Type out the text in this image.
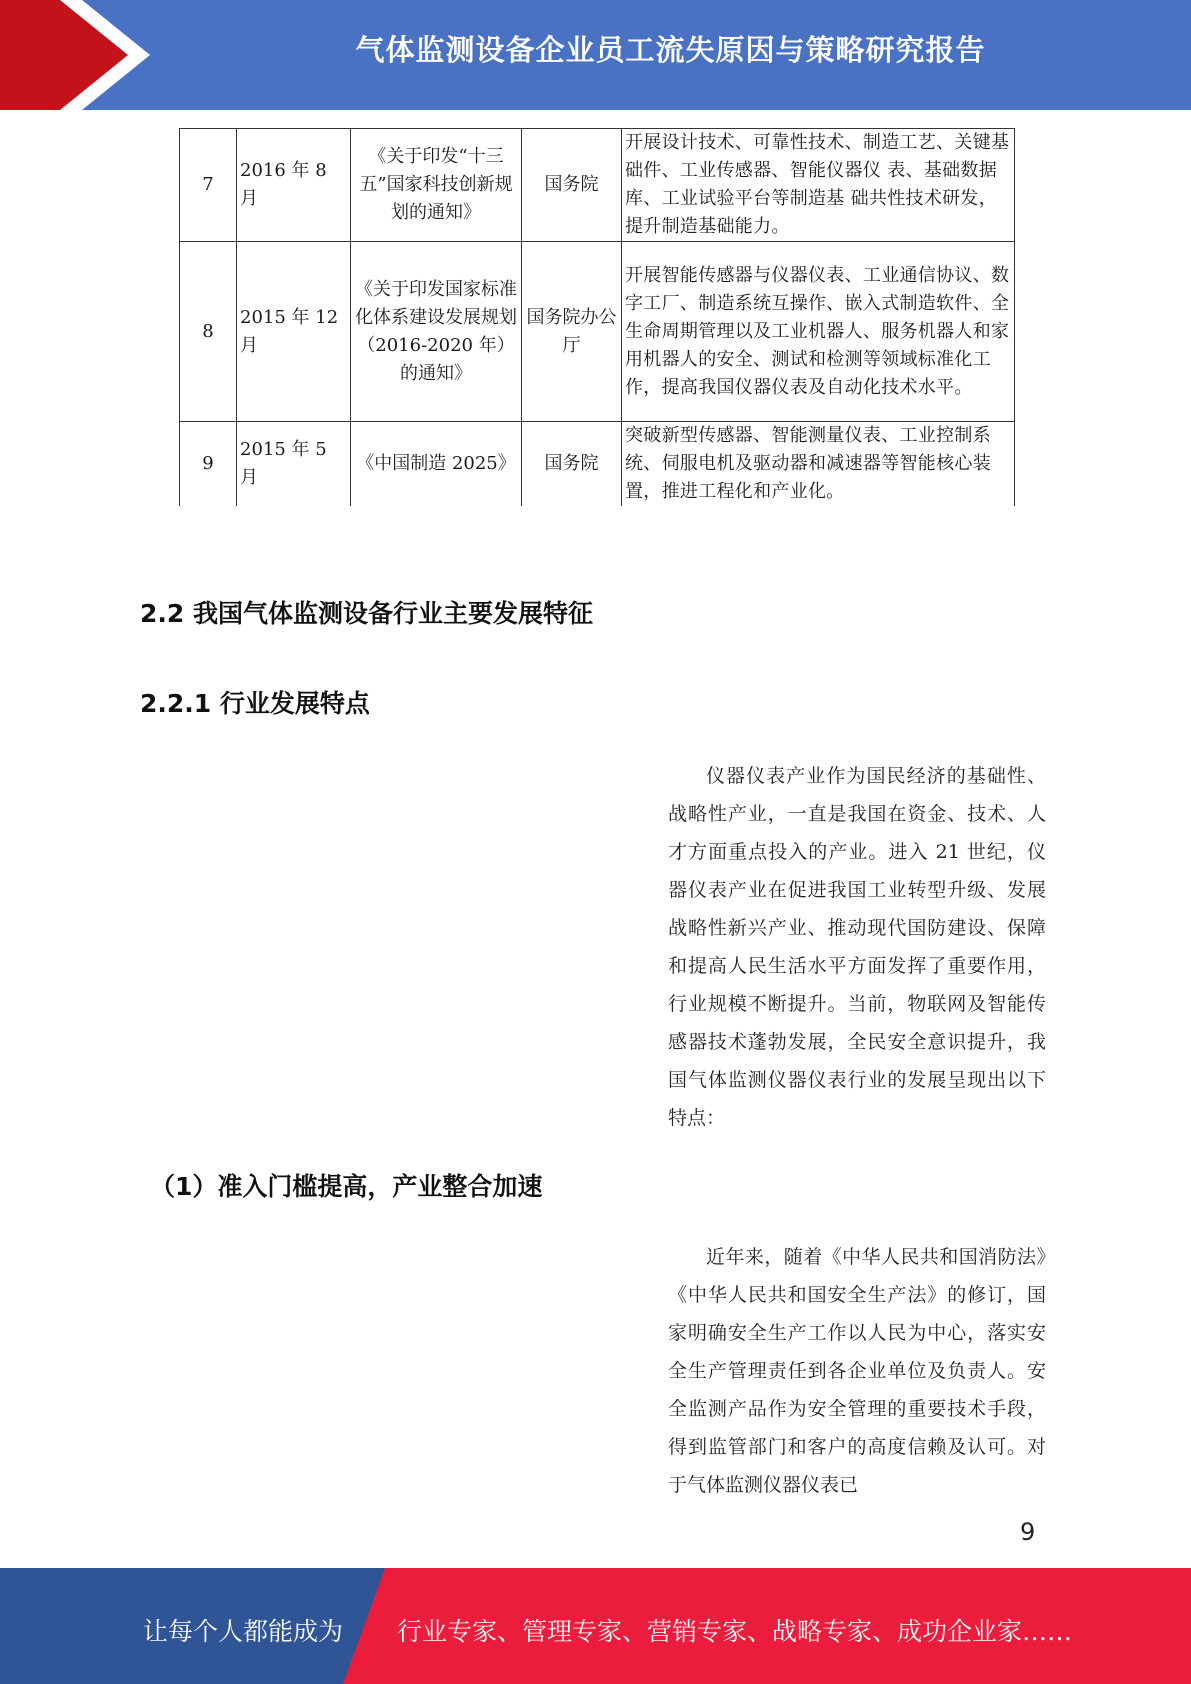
气体监测设备企业员工流失原因与策略研究报告
7	2016 年 8 月	《关于印发“十三五”国家科技创新规划的通知》	国务院	开展设计技术、可靠性技术、制造工艺、关键基础件、工业传感器、智能仪器仪 表、基础数据库、工业试验平台等制造基 础共性技术研发，提升制造基础能力。
8	2015 年 12 月	《关于印发国家标准化体系建设发展规划（2016-2020 年）的通知》	国务院办公厅	开展智能传感器与仪器仪表、工业通信协议、数字工厂、制造系统互操作、嵌入式制造软件、全生命周期管理以及工业机器人、服务机器人和家用机器人的安全、测试和检测等领域标准化工作，提高我国仪器仪表及自动化技术水平。
9	2015 年 5 月	《中国制造 2025》	国务院	突破新型传感器、智能测量仪表、工业控制系统、伺服电机及驱动器和减速器等智能核心装置，推进工程化和产业化。
2.2 我国气体监测设备行业主要发展特征
2.2.1 行业发展特点
仪器仪表产业作为国民经济的基础性、战略性产业，一直是我国在资金、技术、人才方面重点投入的产业。进入 21 世纪，仪器仪表产业在促进我国工业转型升级、发展战略性新兴产业、推动现代国防建设、保障和提高人民生活水平方面发挥了重要作用，行业规模不断提升。当前，物联网及智能传感器技术蓬勃发展，全民安全意识提升，我国气体监测仪器仪表行业的发展呈现出以下特点：
（1）准入门槛提高，产业整合加速
近年来，随着《中华人民共和国消防法》《中华人民共和国安全生产法》的修订，国家明确安全生产工作以人民为中心，落实安全生产管理责任到各企业单位及负责人。安全监测产品作为安全管理的重要技术手段，得到监管部门和客户的高度信赖及认可。对于气体监测仪器仪表已
9
让每个人都能成为 行业专家、管理专家、营销专家、战略专家、成功企业家……
